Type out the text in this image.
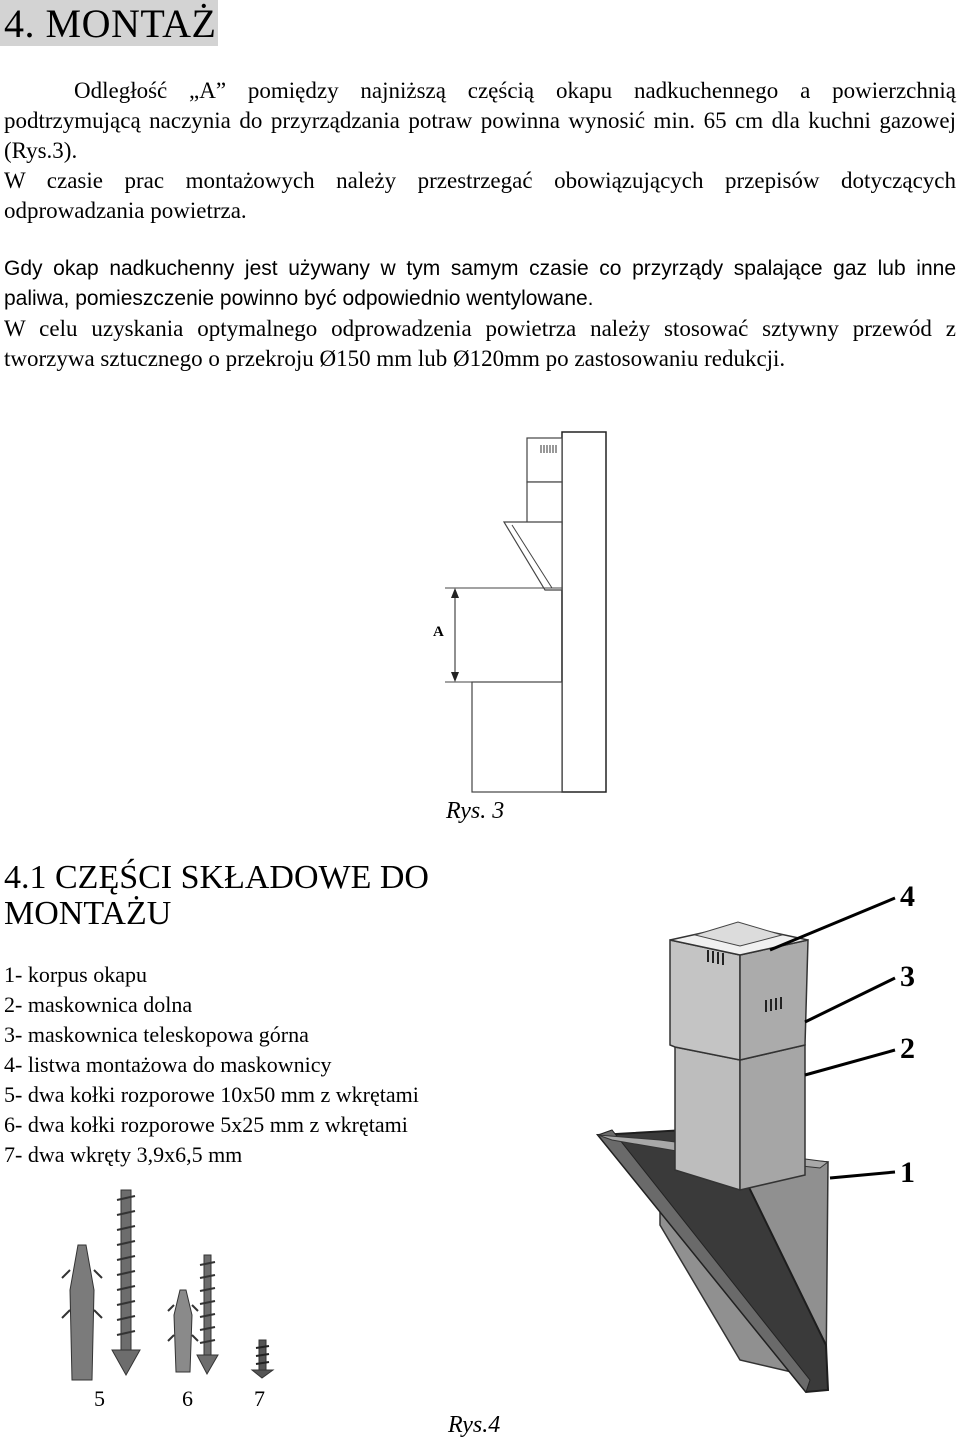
4. MONTAŻ

Odległość „A” pomiędzy najniższą częścią okapu nadkuchennego a powierzchnią podtrzymującą naczynia do przyrządzania potraw powinna wynosić min. 65 cm dla kuchni gazowej (Rys.3).

W czasie prac montażowych należy przestrzegać obowiązujących przepisów dotyczących odprowadzania powietrza.

Gdy okap nadkuchenny jest używany w tym samym czasie co przyrządy spalające gaz lub inne paliwa, pomieszczenie powinno być odpowiednio wentylowane.

W celu uzyskania optymalnego odprowadzenia powietrza należy stosować sztywny przewód z tworzywa sztucznego o przekroju Ø150 mm lub Ø120mm po zastosowaniu redukcji.

A
Rys. 3
4.1 CZĘŚCI SKŁADOWE DO MONTAŻU
1- korpus okapu
2- maskownica dolna
3- maskownica teleskopowa górna
4- listwa montażowa do maskownicy
5- dwa kołki rozporowe 10x50 mm z wkrętami
6- dwa kołki rozporowe 5x25 mm z wkrętami
7- dwa wkręty 3,9x6,5 mm
5	6	7
4
3
2
1
Rys.4
